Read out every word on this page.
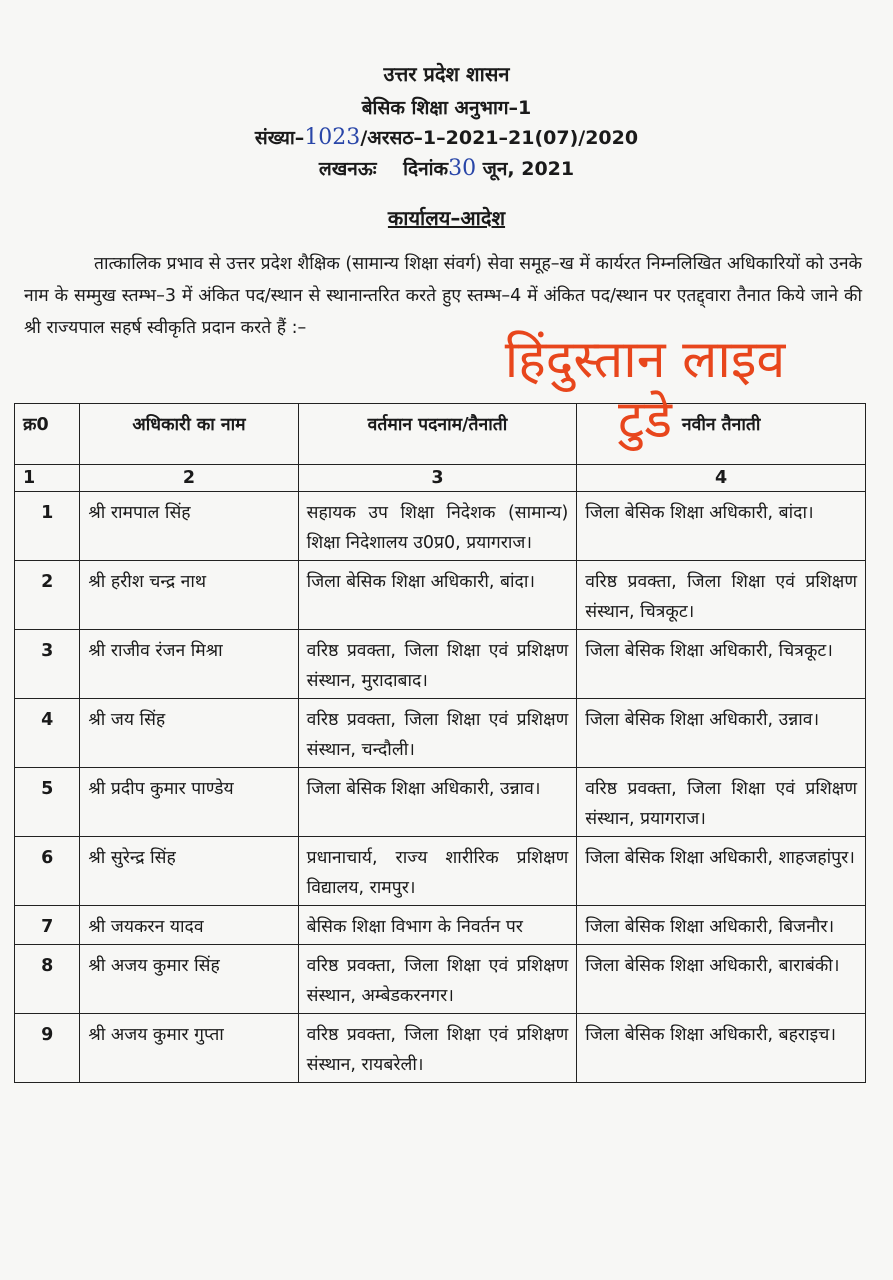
उत्तर प्रदेश शासन
बेसिक शिक्षा अनुभाग–1
संख्या–1023/अरसठ–1–2021–21(07)/2020
लखनऊः दिनांक30 जून, 2021
कार्यालय–आदेश
तात्कालिक प्रभाव से उत्तर प्रदेश शैक्षिक (सामान्य शिक्षा संवर्ग) सेवा समूह–ख में कार्यरत निम्नलिखित अधिकारियों को उनके नाम के सम्मुख स्तम्भ–3 में अंकित पद/स्थान से स्थानान्तरित करते हुए स्तम्भ–4 में अंकित पद/स्थान पर एतद्द्वारा तैनात किये जाने की श्री राज्यपाल सहर्ष स्वीकृति प्रदान करते हैं :–
क्र0	अधिकारी का नाम	वर्तमान पदनाम/तैनाती	नवीन तैनाती
1	2	3	4
1	श्री रामपाल सिंह	सहायक उप शिक्षा निदेशक (सामान्य) शिक्षा निदेशालय उ0प्र0, प्रयागराज।	जिला बेसिक शिक्षा अधिकारी, बांदा।
2	श्री हरीश चन्द्र नाथ	जिला बेसिक शिक्षा अधिकारी, बांदा।	वरिष्ठ प्रवक्ता, जिला शिक्षा एवं प्रशिक्षण संस्थान, चित्रकूट।
3	श्री राजीव रंजन मिश्रा	वरिष्ठ प्रवक्ता, जिला शिक्षा एवं प्रशिक्षण संस्थान, मुरादाबाद।	जिला बेसिक शिक्षा अधिकारी, चित्रकूट।
4	श्री जय सिंह	वरिष्ठ प्रवक्ता, जिला शिक्षा एवं प्रशिक्षण संस्थान, चन्दौली।	जिला बेसिक शिक्षा अधिकारी, उन्नाव।
5	श्री प्रदीप कुमार पाण्डेय	जिला बेसिक शिक्षा अधिकारी, उन्नाव।	वरिष्ठ प्रवक्ता, जिला शिक्षा एवं प्रशिक्षण संस्थान, प्रयागराज।
6	श्री सुरेन्द्र सिंह	प्रधानाचार्य, राज्य शारीरिक प्रशिक्षण विद्यालय, रामपुर।	जिला बेसिक शिक्षा अधिकारी, शाहजहांपुर।
7	श्री जयकरन यादव	बेसिक शिक्षा विभाग के निवर्तन पर	जिला बेसिक शिक्षा अधिकारी, बिजनौर।
8	श्री अजय कुमार सिंह	वरिष्ठ प्रवक्ता, जिला शिक्षा एवं प्रशिक्षण संस्थान, अम्बेडकरनगर।	जिला बेसिक शिक्षा अधिकारी, बाराबंकी।
9	श्री अजय कुमार गुप्ता	वरिष्ठ प्रवक्ता, जिला शिक्षा एवं प्रशिक्षण संस्थान, रायबरेली।	जिला बेसिक शिक्षा अधिकारी, बहराइच।
हिंदुस्तान लाइव
टुडे
